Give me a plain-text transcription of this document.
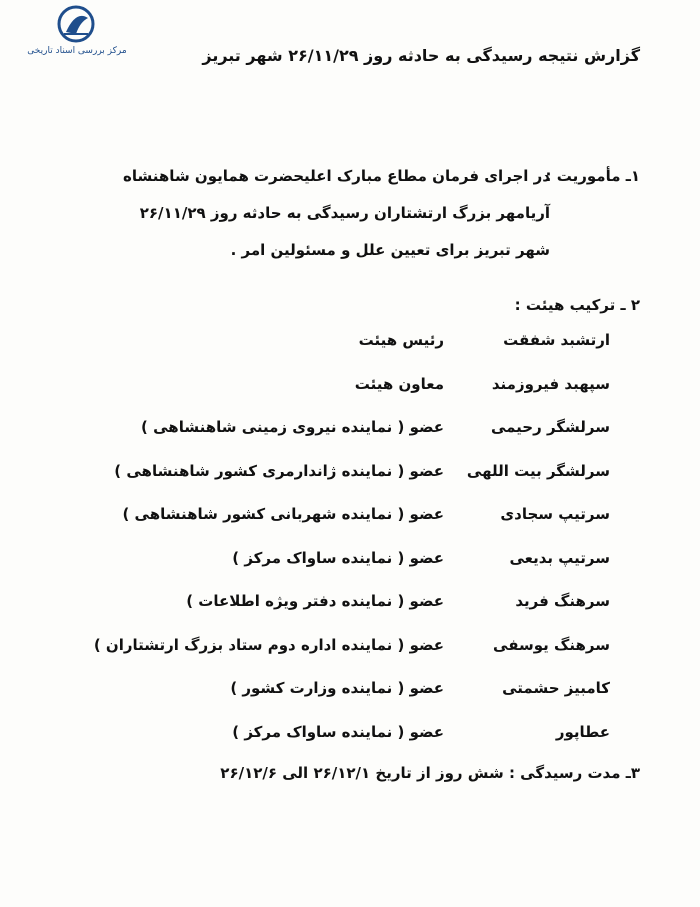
مرکز بررسی اسناد تاریخی	گزارش نتیجه رسیدگی به حادثه روز ۲۶/۱۱/۲۹ شهر تبریز
۱ـ مأموریت :
در اجرای فرمان مطاع مبارک اعلیحضرت همایون شاهنشاه
آریامهر بزرگ ارتشتاران رسیدگی به حادثه روز ۲۶/۱۱/۲۹
شهر تبریز برای تعیین علل و مسئولین امر .
۲ ـ ترکیب هیئت :
ارتشبد شفقت
رئیس هیئت
سپهبد فیروزمند
معاون هیئت
سرلشگر رحیمی
عضو ( نماینده نیروی زمینی شاهنشاهی )
سرلشگر بیت اللهی
عضو ( نماینده ژاندارمری کشور شاهنشاهی )
سرتیپ سجادی
عضو ( نماینده شهربانی کشور شاهنشاهی )
سرتیپ بدیعی
عضو ( نماینده ساواک مرکز )
سرهنگ فرید
عضو ( نماینده دفتر ویژه اطلاعات )
سرهنگ یوسفی
عضو ( نماینده اداره دوم ستاد بزرگ ارتشتاران )
کامبیز حشمتی
عضو ( نماینده وزارت کشور )
عطاپور
عضو ( نماینده ساواک مرکز )
۳ـ مدت رسیدگی : شش روز از تاریخ ۲۶/۱۲/۱ الی ۲۶/۱۲/۶
